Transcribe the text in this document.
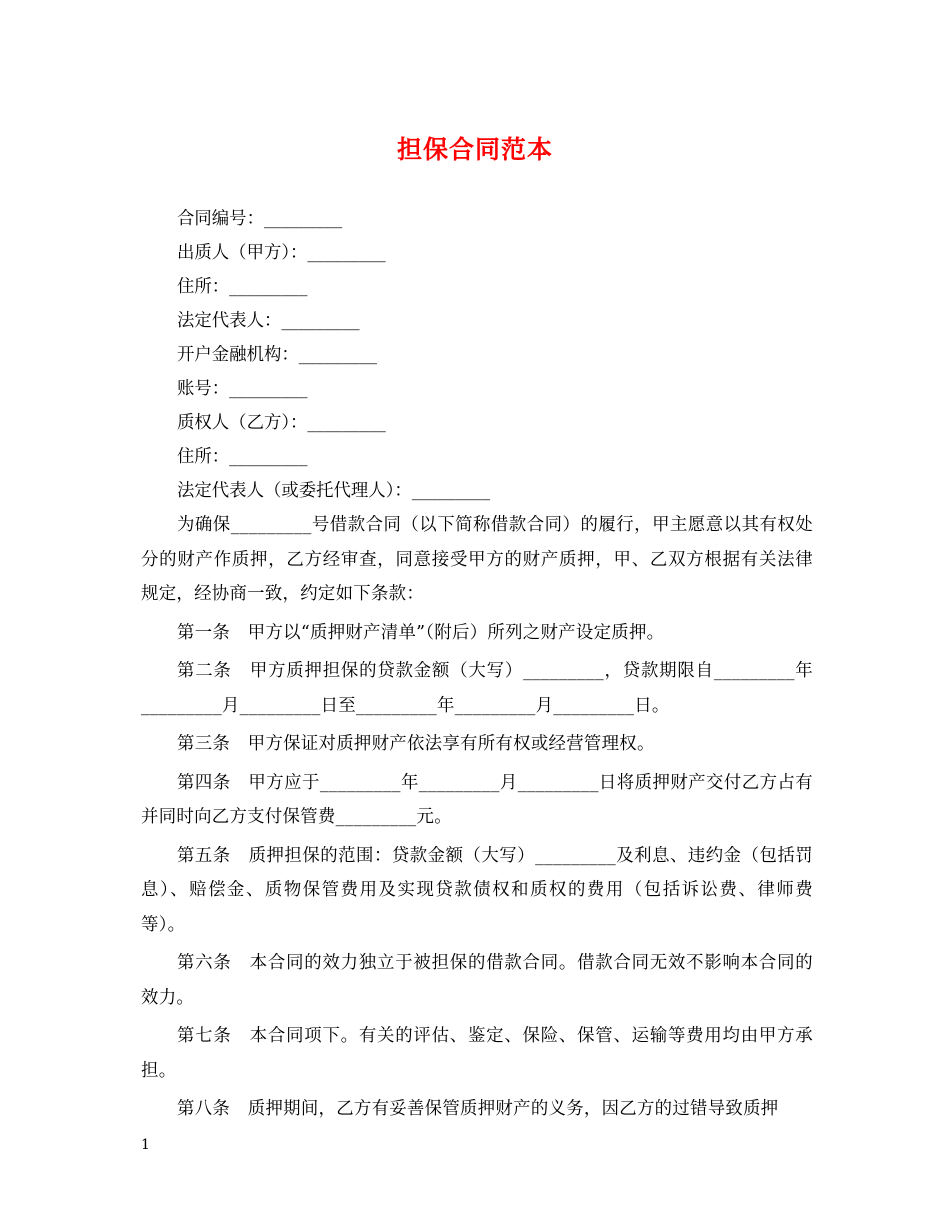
担保合同范本
合同编号：_________
出质人（甲方）：_________
住所：_________
法定代表人：_________
开户金融机构：_________
账号：_________
质权人（乙方）：_________
住所：_________
法定代表人（或委托代理人）：_________

为确保_________号借款合同（以下简称借款合同）的履行，甲主愿意以其有权处分的财产作质押，乙方经审查，同意接受甲方的财产质押，甲、乙双方根据有关法律规定，经协商一致，约定如下条款：

第一条　甲方以“质押财产清单”（附后）所列之财产设定质押。

第二条　甲方质押担保的贷款金额（大写）_________，贷款期限自_________年_________月_________日至_________年_________月_________日。

第三条　甲方保证对质押财产依法享有所有权或经营管理权。

第四条　甲方应于_________年_________月_________日将质押财产交付乙方占有并同时向乙方支付保管费_________元。

第五条　质押担保的范围：贷款金额（大写）_________及利息、违约金（包括罚息）、赔偿金、质物保管费用及实现贷款债权和质权的费用（包括诉讼费、律师费等）。

第六条　本合同的效力独立于被担保的借款合同。借款合同无效不影响本合同的效力。

第七条　本合同项下。有关的评估、鉴定、保险、保管、运输等费用均由甲方承担。

第八条　质押期间，乙方有妥善保管质押财产的义务，因乙方的过错导致质押

1
